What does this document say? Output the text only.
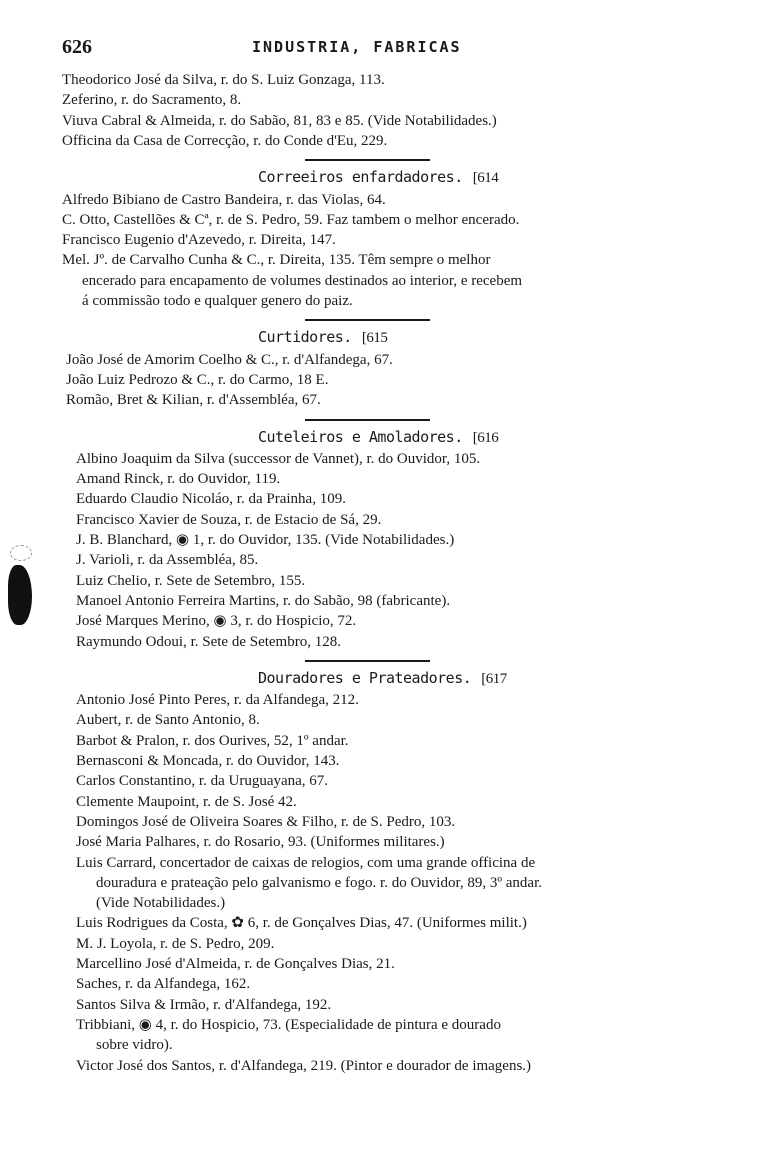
626	INDUSTRIA, FABRICAS
Theodorico José da Silva, r. do S. Luiz Gonzaga, 113.
Zeferino, r. do Sacramento, 8.
Viuva Cabral & Almeida, r. do Sabão, 81, 83 e 85. (Vide Notabilidades.)
Officina da Casa de Correcção, r. do Conde d'Eu, 229.
Correeiros enfardadores. [614
Alfredo Bibiano de Castro Bandeira, r. das Violas, 64.
C. Otto, Castellões & Cª, r. de S. Pedro, 59. Faz tambem o melhor encerado.
Francisco Eugenio d'Azevedo, r. Direita, 147.
Mel. Jº. de Carvalho Cunha & C., r. Direita, 135. Têm sempre o melhor
encerado para encapamento de volumes destinados ao interior, e recebem
á commissão todo e qualquer genero do paiz.
Curtidores. [615
João José de Amorim Coelho & C., r. d'Alfandega, 67.
João Luiz Pedrozo & C., r. do Carmo, 18 E.
Romão, Bret & Kilian, r. d'Assembléa, 67.
Cuteleiros e Amoladores. [616
Albino Joaquim da Silva (successor de Vannet), r. do Ouvidor, 105.
Amand Rinck, r. do Ouvidor, 119.
Eduardo Claudio Nicoláo, r. da Prainha, 109.
Francisco Xavier de Souza, r. de Estacio de Sá, 29.
J. B. Blanchard, ◉ 1, r. do Ouvidor, 135. (Vide Notabilidades.)
J. Varioli, r. da Assembléa, 85.
Luiz Chelio, r. Sete de Setembro, 155.
Manoel Antonio Ferreira Martins, r. do Sabão, 98 (fabricante).
José Marques Merino, ◉ 3, r. do Hospicio, 72.
Raymundo Odoui, r. Sete de Setembro, 128.
Douradores e Prateadores. [617
Antonio José Pinto Peres, r. da Alfandega, 212.
Aubert, r. de Santo Antonio, 8.
Barbot & Pralon, r. dos Ourives, 52, 1º andar.
Bernasconi & Moncada, r. do Ouvidor, 143.
Carlos Constantino, r. da Uruguayana, 67.
Clemente Maupoint, r. de S. José 42.
Domingos José de Oliveira Soares & Filho, r. de S. Pedro, 103.
José Maria Palhares, r. do Rosario, 93. (Uniformes militares.)
Luis Carrard, concertador de caixas de relogios, com uma grande officina de
douradura e prateação pelo galvanismo e fogo. r. do Ouvidor, 89, 3º andar.
(Vide Notabilidades.)
Luis Rodrigues da Costa, ✿ 6, r. de Gonçalves Dias, 47. (Uniformes milit.)
M. J. Loyola, r. de S. Pedro, 209.
Marcellino José d'Almeida, r. de Gonçalves Dias, 21.
Saches, r. da Alfandega, 162.
Santos Silva & Irmão, r. d'Alfandega, 192.
Tribbiani, ◉ 4, r. do Hospicio, 73. (Especialidade de pintura e dourado
sobre vidro).
Victor José dos Santos, r. d'Alfandega, 219. (Pintor e dourador de imagens.)
